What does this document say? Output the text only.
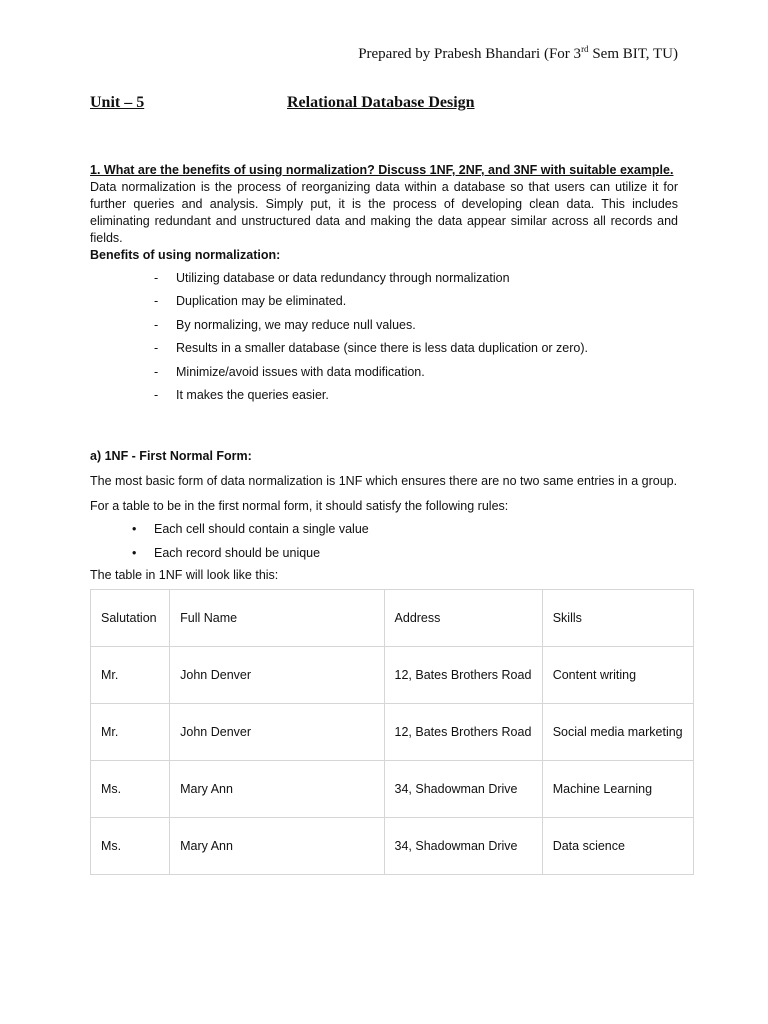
Prepared by Prabesh Bhandari (For 3rd Sem BIT, TU)
Unit – 5	Relational Database Design

1. What are the benefits of using normalization? Discuss 1NF, 2NF, and 3NF with suitable example.

Data normalization is the process of reorganizing data within a database so that users can utilize it for further queries and analysis. Simply put, it is the process of developing clean data. This includes eliminating redundant and unstructured data and making the data appear similar across all records and fields.

Benefits of using normalization:

- Utilizing database or data redundancy through normalization
- Duplication may be eliminated.
- By normalizing, we may reduce null values.
- Results in a smaller database (since there is less data duplication or zero).
- Minimize/avoid issues with data modification.
- It makes the queries easier.

a) 1NF - First Normal Form:

The most basic form of data normalization is 1NF which ensures there are no two same entries in a group.

For a table to be in the first normal form, it should satisfy the following rules:

• Each cell should contain a single value
• Each record should be unique

The table in 1NF will look like this:

Salutation	Full Name	Address	Skills
Mr.	John Denver	12, Bates Brothers Road	Content writing
Mr.	John Denver	12, Bates Brothers Road	Social media marketing
Ms.	Mary Ann	34, Shadowman Drive	Machine Learning
Ms.	Mary Ann	34, Shadowman Drive	Data science
